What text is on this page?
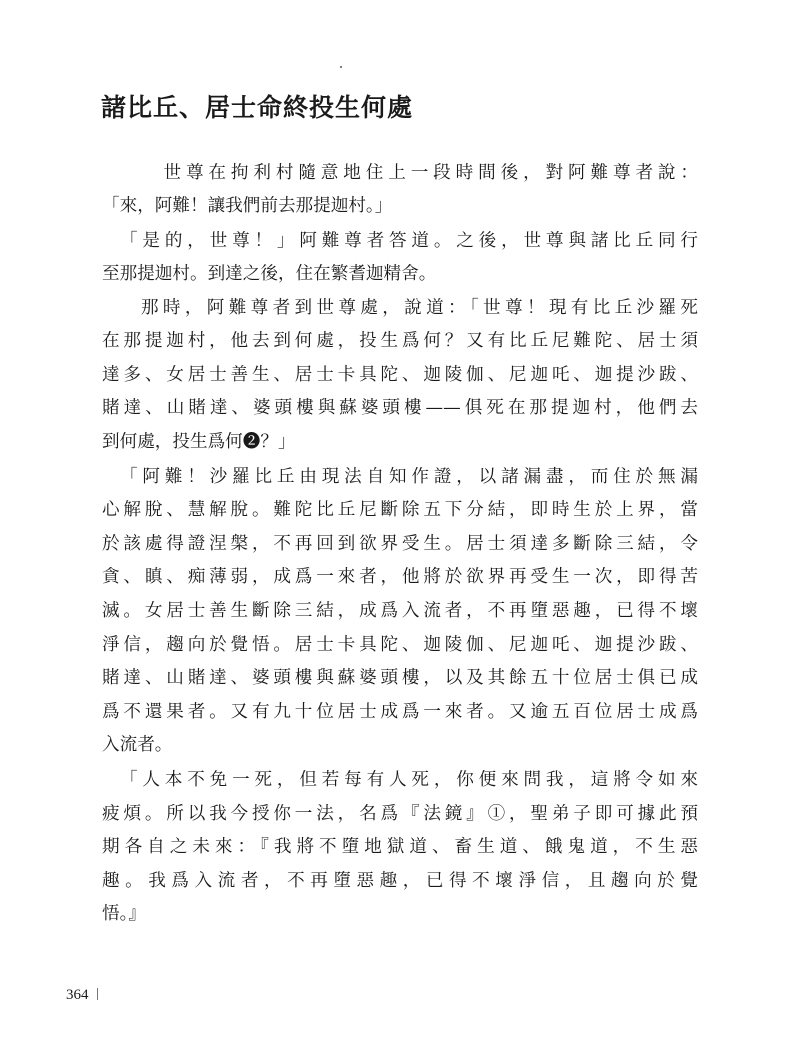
諸比丘、居士命終投生何處
　世尊在拘利村隨意地住上一段時間後，對阿難尊者說：
「來，阿難！讓我們前去那提迦村。」
「是的，世尊！」阿難尊者答道。之後，世尊與諸比丘同行
至那提迦村。到達之後，住在繁耆迦精舍。
那時，阿難尊者到世尊處，說道：「世尊！現有比丘沙羅死
在那提迦村，他去到何處，投生爲何？又有比丘尼難陀、居士須
達多、女居士善生、居士卡具陀、迦陵伽、尼迦吒、迦提沙跋、
賭達、山賭達、婆頭樓與蘇婆頭樓——俱死在那提迦村，他們去
到何處，投生爲何❷？」
「阿難！沙羅比丘由現法自知作證，以諸漏盡，而住於無漏
心解脫、慧解脫。難陀比丘尼斷除五下分結，即時生於上界，當
於該處得證涅槃，不再回到欲界受生。居士須達多斷除三結，令
貪、瞋、痴薄弱，成爲一來者，他將於欲界再受生一次，即得苦
滅。女居士善生斷除三結，成爲入流者，不再墮惡趣，已得不壞
淨信，趨向於覺悟。居士卡具陀、迦陵伽、尼迦吒、迦提沙跋、
賭達、山賭達、婆頭樓與蘇婆頭樓，以及其餘五十位居士俱已成
爲不還果者。又有九十位居士成爲一來者。又逾五百位居士成爲
入流者。
「人本不免一死，但若每有人死，你便來問我，這將令如來
疲煩。所以我今授你一法，名爲『法鏡』①，聖弟子即可據此預
期各自之未來：『我將不墮地獄道、畜生道、餓鬼道，不生惡
趣。我爲入流者，不再墮惡趣，已得不壞淨信，且趨向於覺
悟。』
364
